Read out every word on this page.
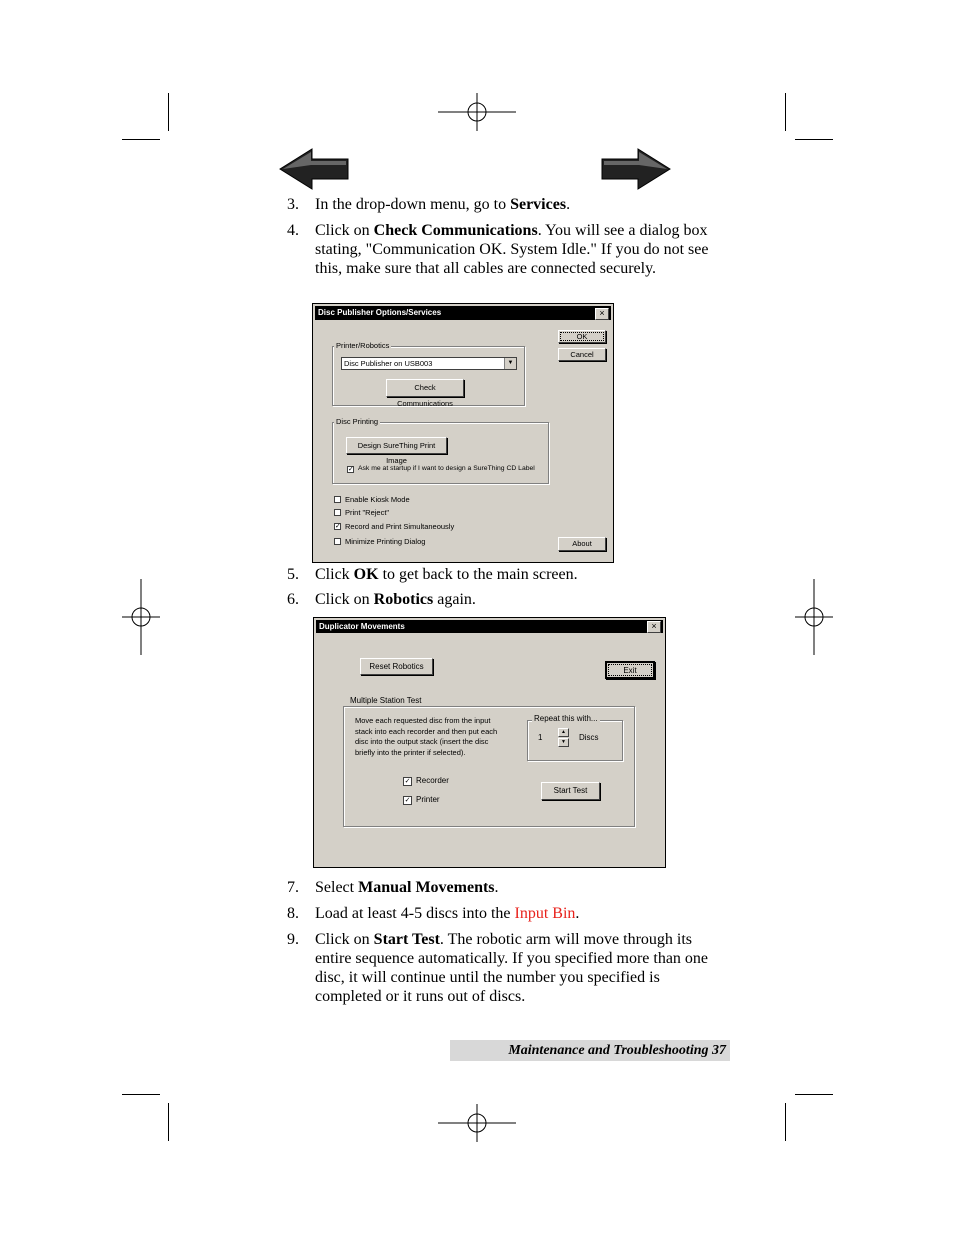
3. In the drop-down menu, go to Services.
4. Click on Check Communications. You will see a dialog box stating, "Communication OK. System Idle." If you do not see this, make sure that all cables are connected securely.
Disc Publisher Options/Services	×
OK
Cancel
Printer/Robotics
Disc Publisher on USB003	▼
Check Communications
Disc Printing
Design SureThing Print Image
✓ Ask me at startup if I want to design a SureThing CD Label
Enable Kiosk Mode
Print "Reject"
✓ Record and Print Simultaneously
Minimize Printing Dialog	About
5. Click OK to get back to the main screen.
6. Click on Robotics again.
Duplicator Movements	×
Reset Robotics	Exit
Multiple Station Test
Move each requested disc from the input stack into each recorder and then put each disc into the output stack (insert the disc briefly into the printer if selected).
Repeat this with...
1
▲
▼	Discs
✓ Recorder
✓ Printer
Start Test
7. Select Manual Movements.
8. Load at least 4-5 discs into the Input Bin.
9. Click on Start Test. The robotic arm will move through its entire sequence automatically. If you specified more than one disc, it will continue until the number you specified is completed or it runs out of discs.
Maintenance and Troubleshooting 37
